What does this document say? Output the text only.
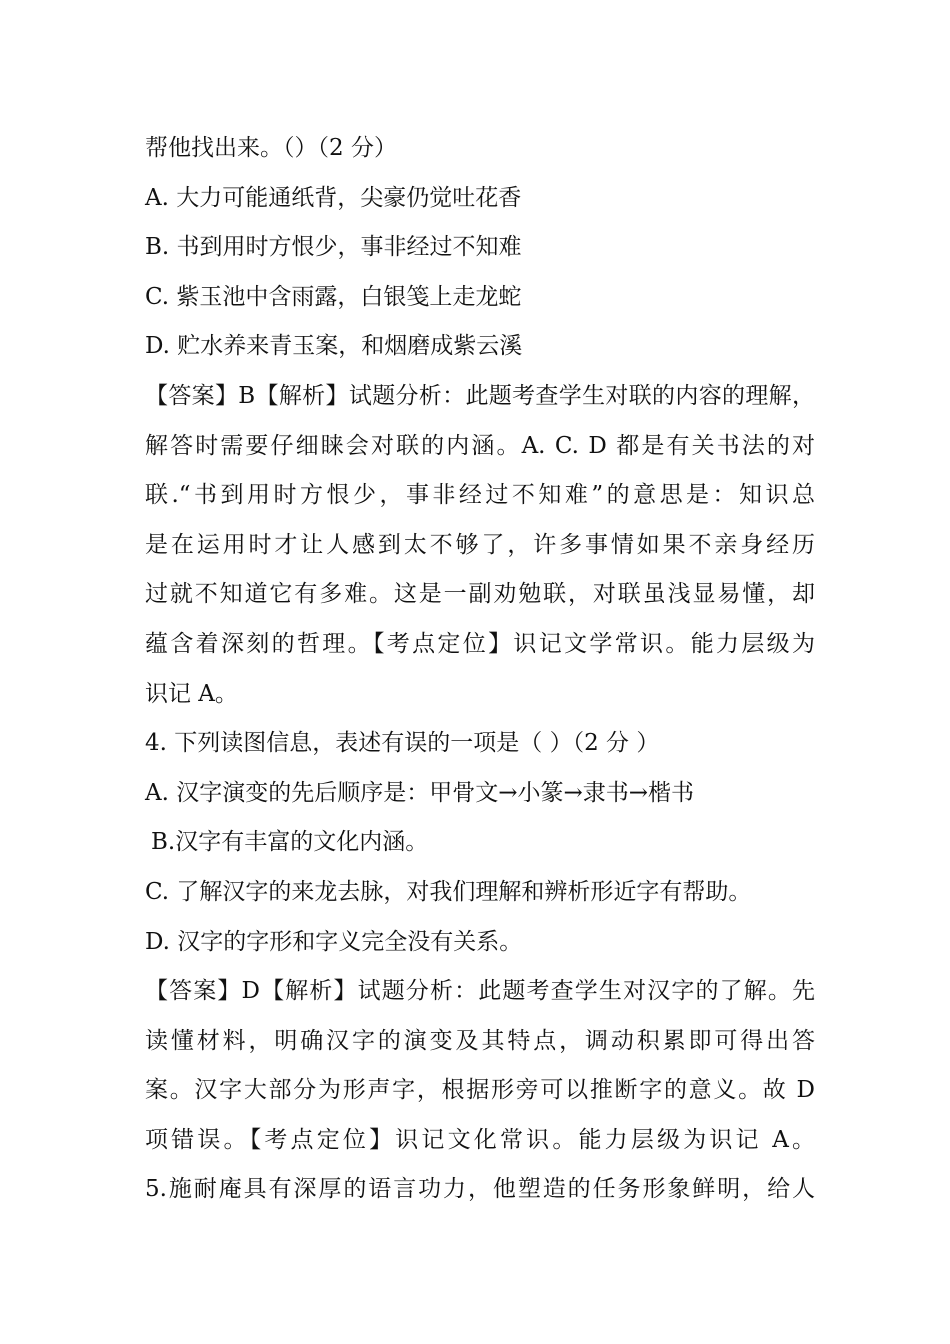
帮他找出来。（）（2 分）
A. 大力可能通纸背，尖豪仍觉吐花香
B. 书到用时方恨少，事非经过不知难
C. 紫玉池中含雨露，白银笺上走龙蛇
D. 贮水养来青玉案，和烟磨成紫云溪
【答案】B【解析】试题分析：此题考查学生对联的内容的理解，
解答时需要仔细睐会对联的内涵。A. C. D 都是有关书法的对
联.“书到用时方恨少，事非经过不知难”的意思是：知识总
是在运用时才让人感到太不够了，许多事情如果不亲身经历
过就不知道它有多难。这是一副劝勉联，对联虽浅显易懂，却
蕴含着深刻的哲理。【考点定位】识记文学常识。能力层级为
识记 A。
4. 下列读图信息，表述有误的一项是（ ）（2 分 ）
A. 汉字演变的先后顺序是：甲骨文→小篆→隶书→楷书
B.汉字有丰富的文化内涵。
C. 了解汉字的来龙去脉，对我们理解和辨析形近字有帮助。
D. 汉字的字形和字义完全没有关系。
【答案】D【解析】试题分析：此题考查学生对汉字的了解。先
读懂材料，明确汉字的演变及其特点，调动积累即可得出答
案。汉字大部分为形声字，根据形旁可以推断字的意义。故 D
项错误。【考点定位】识记文化常识。能力层级为识记 A。
5.施耐庵具有深厚的语言功力，他塑造的任务形象鲜明，给人
